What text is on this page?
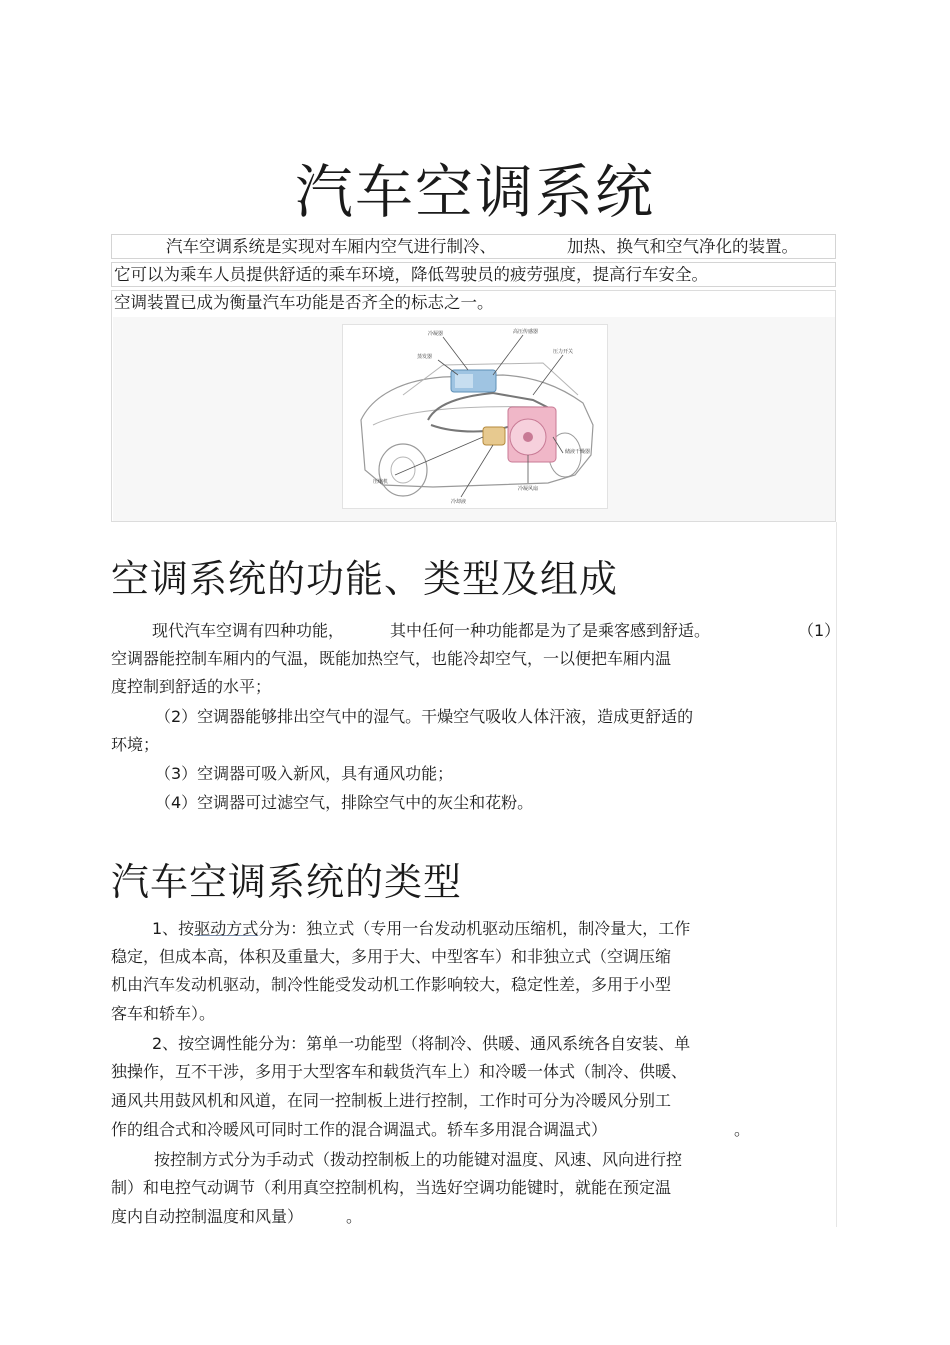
汽车空调系统
汽车空调系统是实现对车厢内空气进行制冷、	加热、换气和空气净化的装置。
它可以为乘车人员提供舒适的乘车环境，降低驾驶员的疲劳强度，提高行车安全。
空调装置已成为衡量汽车功能是否齐全的标志之一。
冷凝器	高压传感器
压力开关
蒸发器
储液干燥器
压缩机
冷却液
冷凝风扇
空调系统的功能、类型及组成
现代汽车空调有四种功能，	其中任何一种功能都是为了是乘客感到舒适。	（1）
空调器能控制车厢内的气温，既能加热空气，也能冷却空气，一以便把车厢内温
度控制到舒适的水平；
（2）空调器能够排出空气中的湿气。干燥空气吸收人体汗液，造成更舒适的
环境；
（3）空调器可吸入新风，具有通风功能；
（4）空调器可过滤空气，排除空气中的灰尘和花粉。
汽车空调系统的类型
1、按驱动方式分为：独立式（专用一台发动机驱动压缩机，制冷量大，工作
稳定，但成本高，体积及重量大，多用于大、中型客车）和非独立式（空调压缩
机由汽车发动机驱动，制冷性能受发动机工作影响较大，稳定性差，多用于小型
客车和轿车）。
2、按空调性能分为：第单一功能型（将制冷、供暖、通风系统各自安装、单
独操作，互不干涉，多用于大型客车和载货汽车上）和冷暖一体式（制冷、供暖、
通风共用鼓风机和风道，在同一控制板上进行控制，工作时可分为冷暖风分别工
作的组合式和冷暖风可同时工作的混合调温式。轿车多用混合调温式）	。
按控制方式分为手动式（拨动控制板上的功能键对温度、风速、风向进行控
制）和电控气动调节（利用真空控制机构，当选好空调功能键时，就能在预定温
度内自动控制温度和风量）	。
